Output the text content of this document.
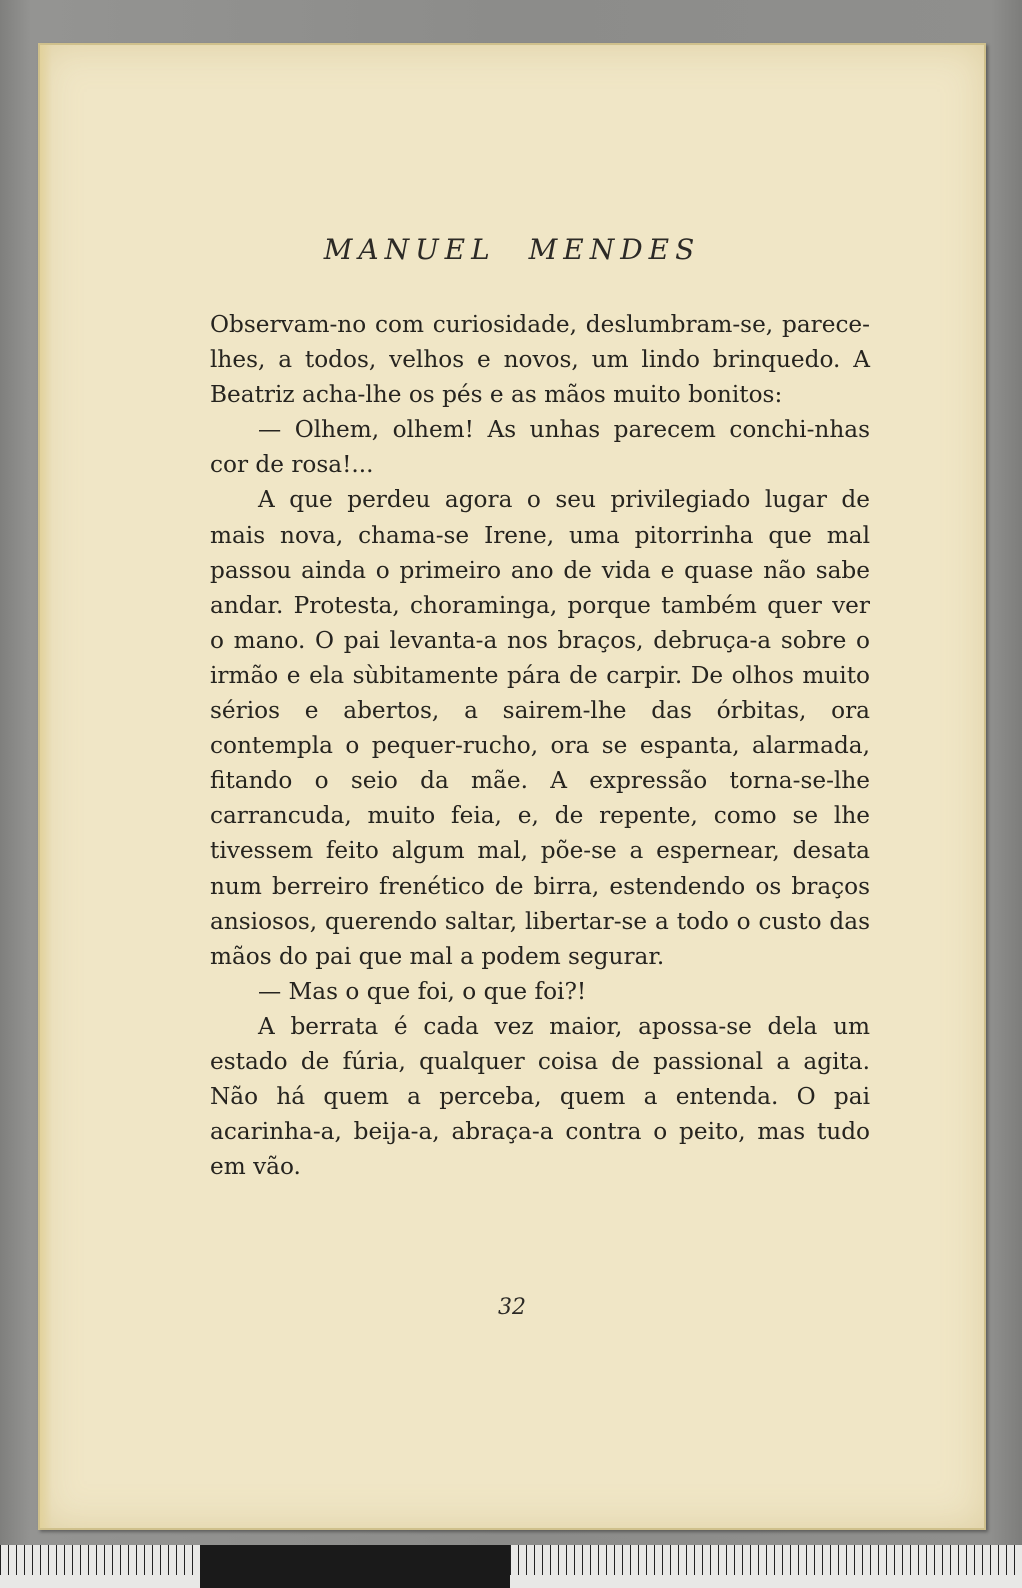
MANUEL MENDES

Observam-no com curiosidade, deslumbram-se, parece-lhes, a todos, velhos e novos, um lindo brinquedo. A Beatriz acha-lhe os pés e as mãos muito bonitos:

— Olhem, olhem! As unhas parecem conchi-nhas cor de rosa!...

A que perdeu agora o seu privilegiado lugar de mais nova, chama-se Irene, uma pitorrinha que mal passou ainda o primeiro ano de vida e quase não sabe andar. Protesta, choraminga, porque também quer ver o mano. O pai levanta-a nos braços, debruça-a sobre o irmão e ela sùbitamente pára de carpir. De olhos muito sérios e abertos, a sairem-lhe das órbitas, ora contempla o pequer-rucho, ora se espanta, alarmada, fitando o seio da mãe. A expressão torna-se-lhe carrancuda, muito feia, e, de repente, como se lhe tivessem feito algum mal, põe-se a espernear, desata num berreiro frenético de birra, estendendo os braços ansiosos, querendo saltar, libertar-se a todo o custo das mãos do pai que mal a podem segurar.

— Mas o que foi, o que foi?!

A berrata é cada vez maior, apossa-se dela um estado de fúria, qualquer coisa de passional a agita. Não há quem a perceba, quem a entenda. O pai acarinha-a, beija-a, abraça-a contra o peito, mas tudo em vão.

32
